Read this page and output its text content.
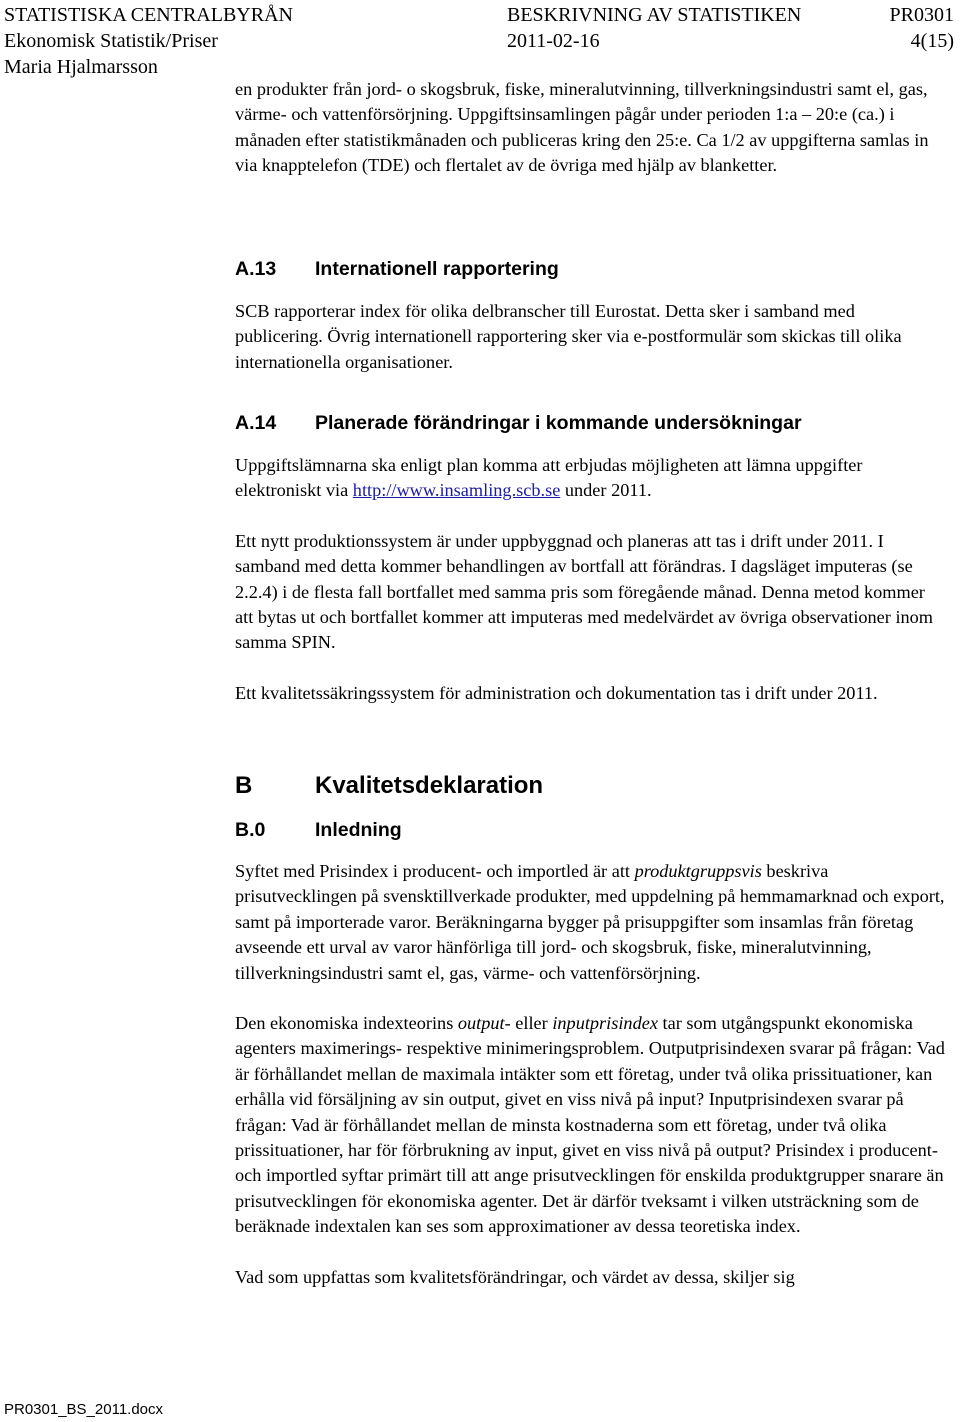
STATISTISKA CENTRALBYRÅN	BESKRIVNING AV STATISTIKEN	PR0301
Ekonomisk Statistik/Priser	2011-02-16	4(15)
Maria Hjalmarsson

en produkter från jord- o skogsbruk, fiske, mineralutvinning, tillverkningsindustri samt el, gas, värme- och vattenförsörjning. Uppgiftsinsamlingen pågår under perioden 1:a – 20:e (ca.) i månaden efter statistikmånaden och publiceras kring den 25:e. Ca 1/2 av uppgifterna samlas in via knapptelefon (TDE) och flertalet av de övriga med hjälp av blanketter.

A.13 Internationell rapportering

SCB rapporterar index för olika delbranscher till Eurostat. Detta sker i samband med publicering. Övrig internationell rapportering sker via e-postformulär som skickas till olika internationella organisationer.

A.14 Planerade förändringar i kommande undersökningar

Uppgiftslämnarna ska enligt plan komma att erbjudas möjligheten att lämna uppgifter elektroniskt via http://www.insamling.scb.se under 2011.

Ett nytt produktionssystem är under uppbyggnad och planeras att tas i drift under 2011. I samband med detta kommer behandlingen av bortfall att förändras. I dagsläget imputeras (se 2.2.4) i de flesta fall bortfallet med samma pris som föregående månad. Denna metod kommer att bytas ut och bortfallet kommer att imputeras med medelvärdet av övriga observationer inom samma SPIN.

Ett kvalitetssäkringssystem för administration och dokumentation tas i drift under 2011.

B	Kvalitetsdeklaration
B.0	Inledning

Syftet med Prisindex i producent- och importled är att produktgruppsvis beskriva prisutvecklingen på svensktillverkade produkter, med uppdelning på hemmamarknad och export, samt på importerade varor. Beräkningarna bygger på prisuppgifter som insamlas från företag avseende ett urval av varor hänförliga till jord- och skogsbruk, fiske, mineralutvinning, tillverkningsindustri samt el, gas, värme- och vattenförsörjning.

Den ekonomiska indexteorins output- eller inputprisindex tar som utgångspunkt ekonomiska agenters maximerings- respektive minimeringsproblem. Outputprisindexen svarar på frågan: Vad är förhållandet mellan de maximala intäkter som ett företag, under två olika prissituationer, kan erhålla vid försäljning av sin output, givet en viss nivå på input? Inputprisindexen svarar på frågan: Vad är förhållandet mellan de minsta kostnaderna som ett företag, under två olika prissituationer, har för förbrukning av input, givet en viss nivå på output? Prisindex i producent- och importled syftar primärt till att ange prisutvecklingen för enskilda produktgrupper snarare än prisutvecklingen för ekonomiska agenter. Det är därför tveksamt i vilken utsträckning som de beräknade indextalen kan ses som approximationer av dessa teoretiska index.

Vad som uppfattas som kvalitetsförändringar, och värdet av dessa, skiljer sig

PR0301_BS_2011.docx
